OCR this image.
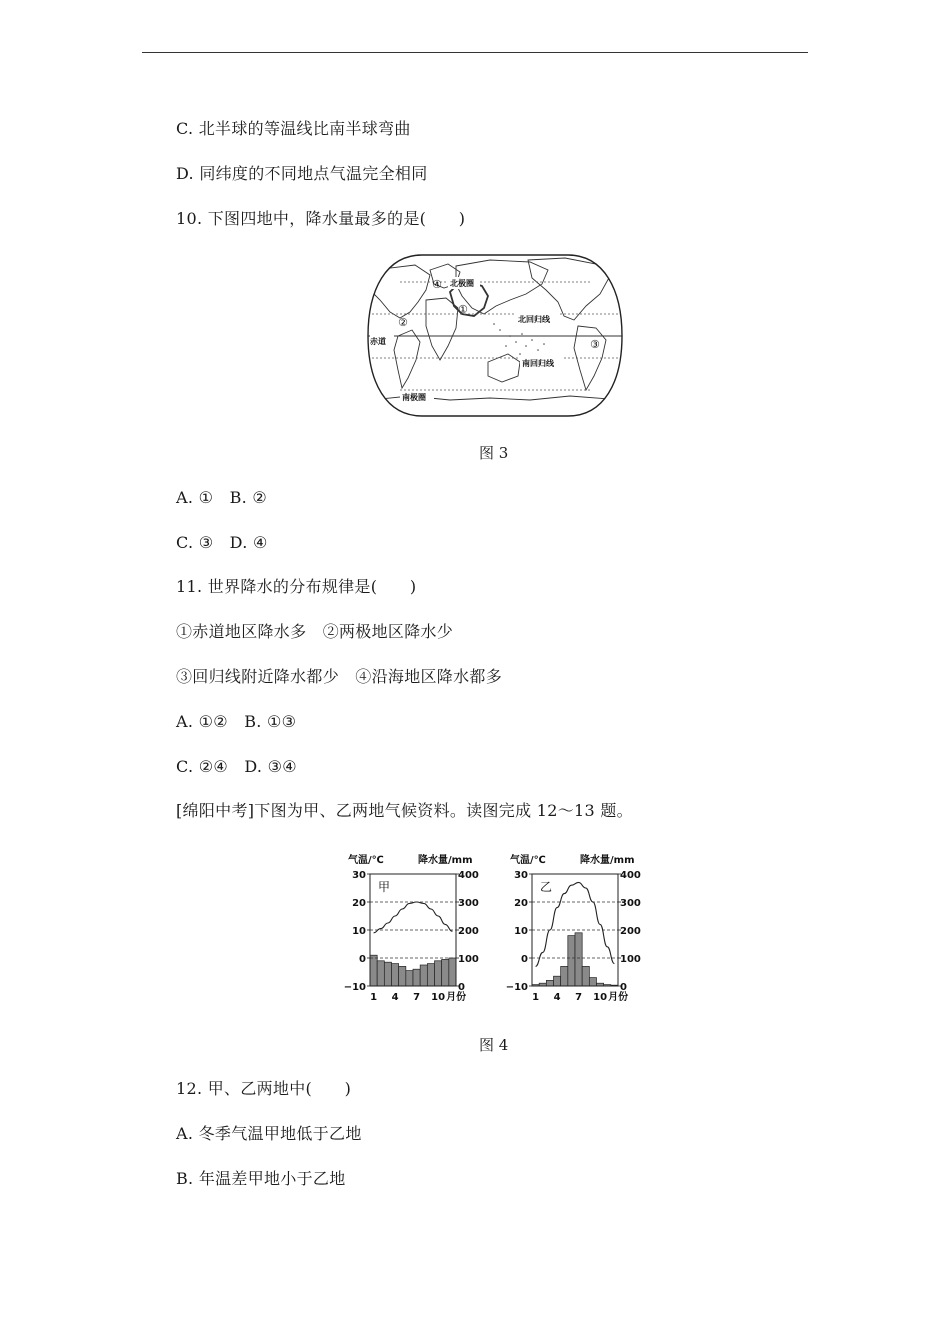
C. 北半球的等温线比南半球弯曲
D. 同纬度的不同地点气温完全相同
10. 下图四地中，降水量最多的是(　　)
北极圈
北回归线
赤道
南回归线
南极圈
①
②
③
④
图 3
A. ①　B. ②
C. ③　D. ④
11. 世界降水的分布规律是(　　)
①赤道地区降水多　②两极地区降水少
③回归线附近降水都少　④沿海地区降水都多
A. ①②　B. ①③
C. ②④　D. ③④
[绵阳中考]下图为甲、乙两地气候资料。读图完成 12～13 题。
气温/℃	降水量/mm
甲
30
20
10
0
−10
400
300
200
100
0
1 4 7 10 月份
气温/℃	降水量/mm
乙
30
20
10
0
−10
400
300
200
100
0
1 4 7 10 月份
图 4
12. 甲、乙两地中(　　)
A. 冬季气温甲地低于乙地
B. 年温差甲地小于乙地
